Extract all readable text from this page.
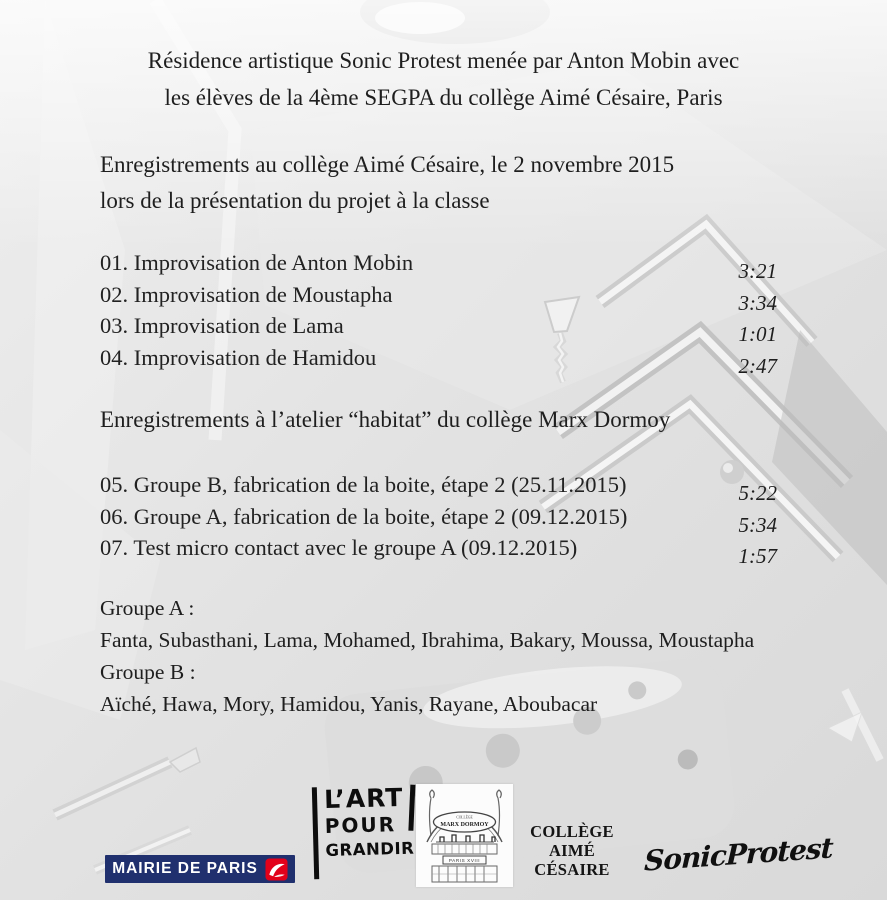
Résidence artistique Sonic Protest menée par Anton Mobin avec
les élèves de la 4ème SEGPA du collège Aimé Césaire, Paris
Enregistrements au collège Aimé Césaire, le 2 novembre 2015
lors de la présentation du projet à la classe
01. Improvisation de Anton Mobin	3:21
02. Improvisation de Moustapha	3:34
03. Improvisation de Lama	1:01
04. Improvisation de Hamidou	2:47
Enregistrements à l’atelier “habitat” du collège Marx Dormoy
05. Groupe B, fabrication de la boite, étape 2 (25.11.2015)	5:22
06. Groupe A, fabrication de la boite, étape 2 (09.12.2015)	5:34
07. Test micro contact avec le groupe A (09.12.2015)	1:57
Groupe A :
Fanta, Subasthani, Lama, Mohamed, Ibrahima, Bakary, Moussa, Moustapha
Groupe B :
Aïché, Hawa, Mory, Hamidou, Yanis, Rayane, Aboubacar
MAIRIE DE PARIS
L’ART
POUR
GRANDIR
COLLÈGE
MARX DORMOY
PARIS XVIII
COLLÈGE
AIMÉ
CÉSAIRE	SonicProtest
